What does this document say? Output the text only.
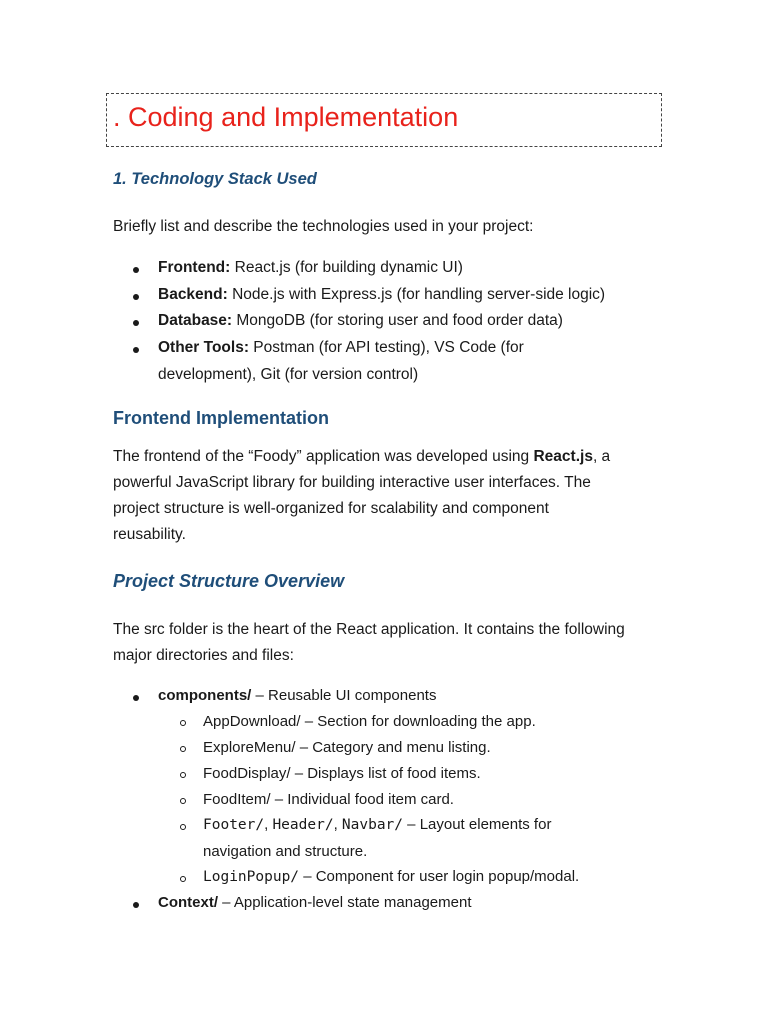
. Coding and Implementation
1. Technology Stack Used
Briefly list and describe the technologies used in your project:
Frontend: React.js (for building dynamic UI)
Backend: Node.js with Express.js (for handling server-side logic)
Database: MongoDB (for storing user and food order data)
Other Tools: Postman (for API testing), VS Code (for
development), Git (for version control)
Frontend Implementation
The frontend of the “Foody” application was developed using React.js, a
powerful JavaScript library for building interactive user interfaces. The
project structure is well-organized for scalability and component
reusability.
Project Structure Overview
The src folder is the heart of the React application. It contains the following
major directories and files:
components/ – Reusable UI components
AppDownload/ – Section for downloading the app.
ExploreMenu/ – Category and menu listing.
FoodDisplay/ – Displays list of food items.
FoodItem/ – Individual food item card.
Footer/, Header/, Navbar/ – Layout elements for
navigation and structure.
LoginPopup/ – Component for user login popup/modal.
Context/ – Application-level state management
